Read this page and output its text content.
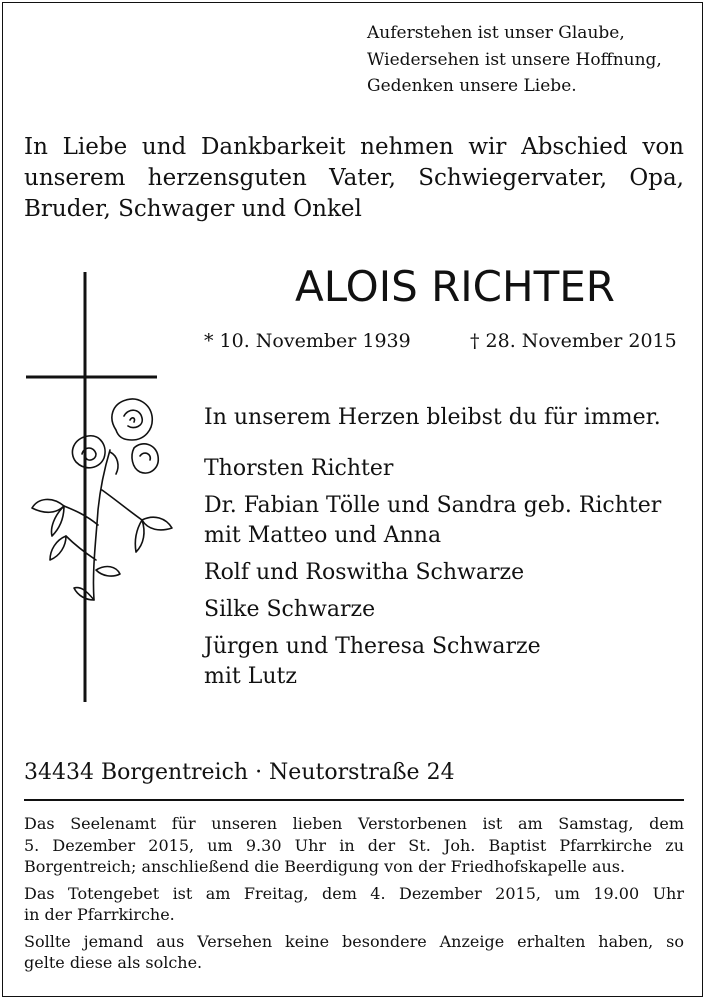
Auferstehen ist unser Glaube,
Wiedersehen ist unsere Hoffnung,
Gedenken unsere Liebe.
In Liebe und Dankbarkeit nehmen wir Abschied von
unserem herzensguten Vater, Schwiegervater, Opa,
Bruder, Schwager und Onkel
ALOIS RICHTER
* 10. November 1939	† 28. November 2015
In unserem Herzen bleibst du für immer.
Thorsten Richter
Dr. Fabian Tölle und Sandra geb. Richter
mit Matteo und Anna
Rolf und Roswitha Schwarze
Silke Schwarze
Jürgen und Theresa Schwarze
mit Lutz
34434 Borgentreich · Neutorstraße 24

Das Seelenamt für unseren lieben Verstorbenen ist am Samstag, dem
5. Dezember 2015, um 9.30 Uhr in der St. Joh. Baptist Pfarrkirche zu
Borgentreich; anschließend die Beerdigung von der Friedhofskapelle aus.

Das Totengebet ist am Freitag, dem 4. Dezember 2015, um 19.00 Uhr
in der Pfarrkirche.

Sollte jemand aus Versehen keine besondere Anzeige erhalten haben, so
gelte diese als solche.
